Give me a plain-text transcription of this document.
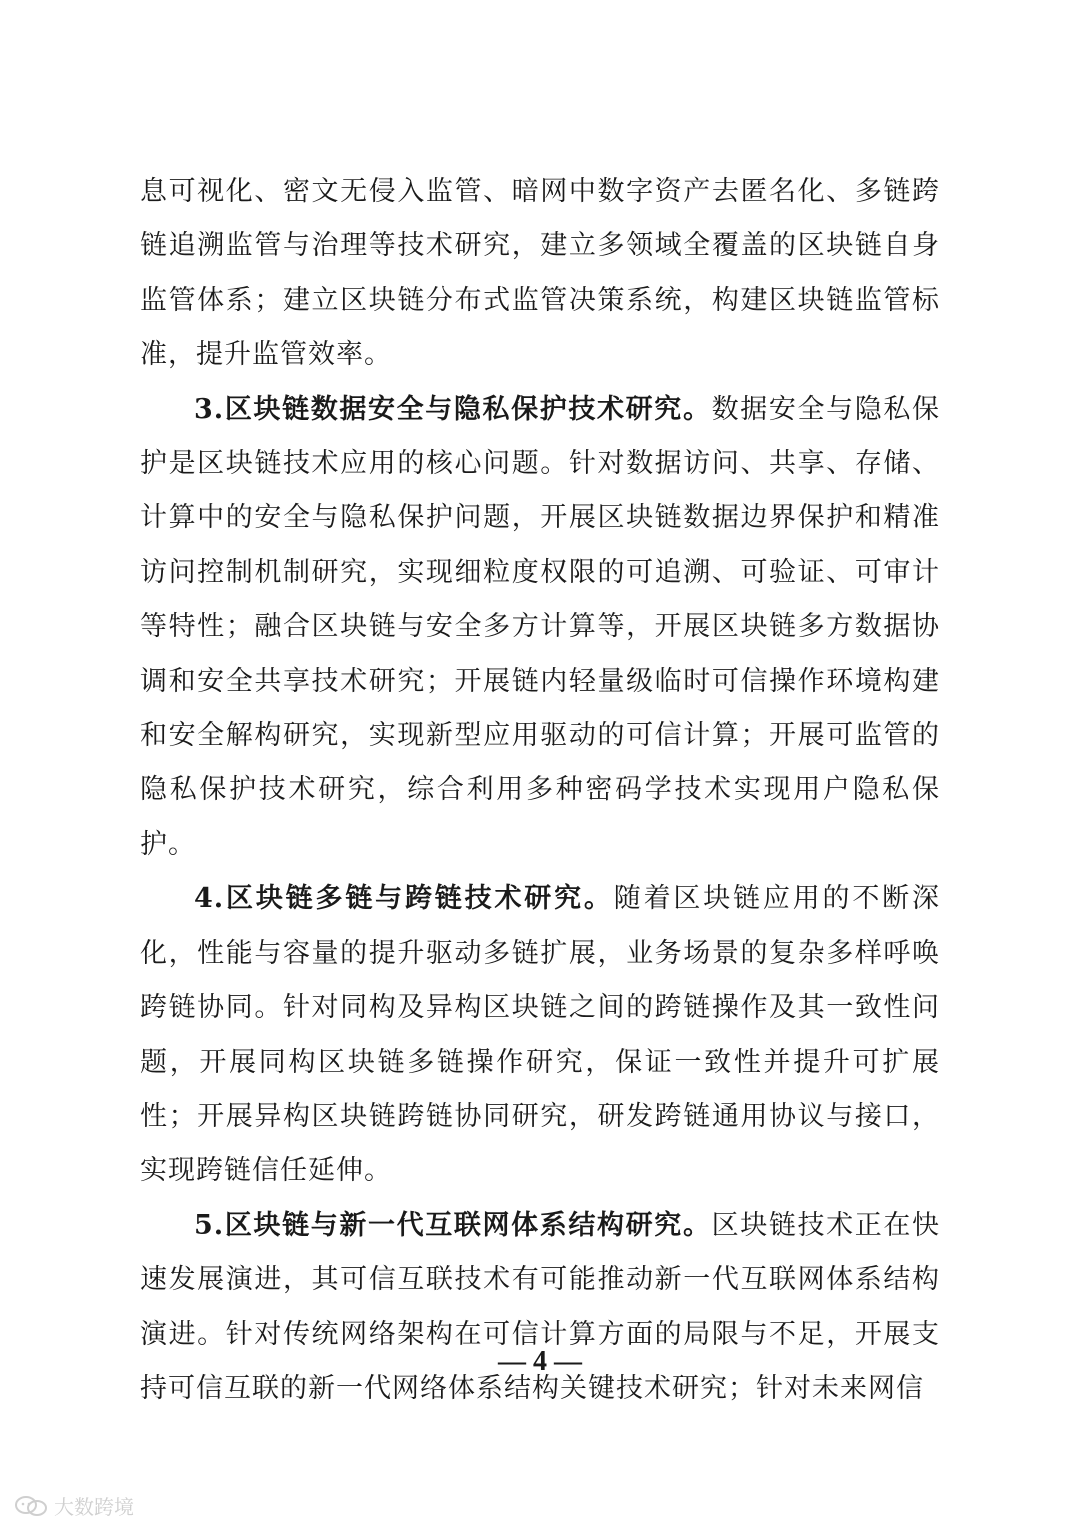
息可视化、密文无侵入监管、暗网中数字资产去匿名化、多链跨链追溯监管与治理等技术研究，建立多领域全覆盖的区块链自身监管体系；建立区块链分布式监管决策系统，构建区块链监管标准，提升监管效率。

3.区块链数据安全与隐私保护技术研究。数据安全与隐私保护是区块链技术应用的核心问题。针对数据访问、共享、存储、计算中的安全与隐私保护问题，开展区块链数据边界保护和精准访问控制机制研究，实现细粒度权限的可追溯、可验证、可审计等特性；融合区块链与安全多方计算等，开展区块链多方数据协调和安全共享技术研究；开展链内轻量级临时可信操作环境构建和安全解构研究，实现新型应用驱动的可信计算；开展可监管的隐私保护技术研究，综合利用多种密码学技术实现用户隐私保护。

4.区块链多链与跨链技术研究。随着区块链应用的不断深化，性能与容量的提升驱动多链扩展，业务场景的复杂多样呼唤跨链协同。针对同构及异构区块链之间的跨链操作及其一致性问题，开展同构区块链多链操作研究，保证一致性并提升可扩展性；开展异构区块链跨链协同研究，研发跨链通用协议与接口，实现跨链信任延伸。

5.区块链与新一代互联网体系结构研究。区块链技术正在快速发展演进，其可信互联技术有可能推动新一代互联网体系结构演进。针对传统网络架构在可信计算方面的局限与不足，开展支持可信互联的新一代网络体系结构关键技术研究；针对未来网信

— 4 —
大数跨境
